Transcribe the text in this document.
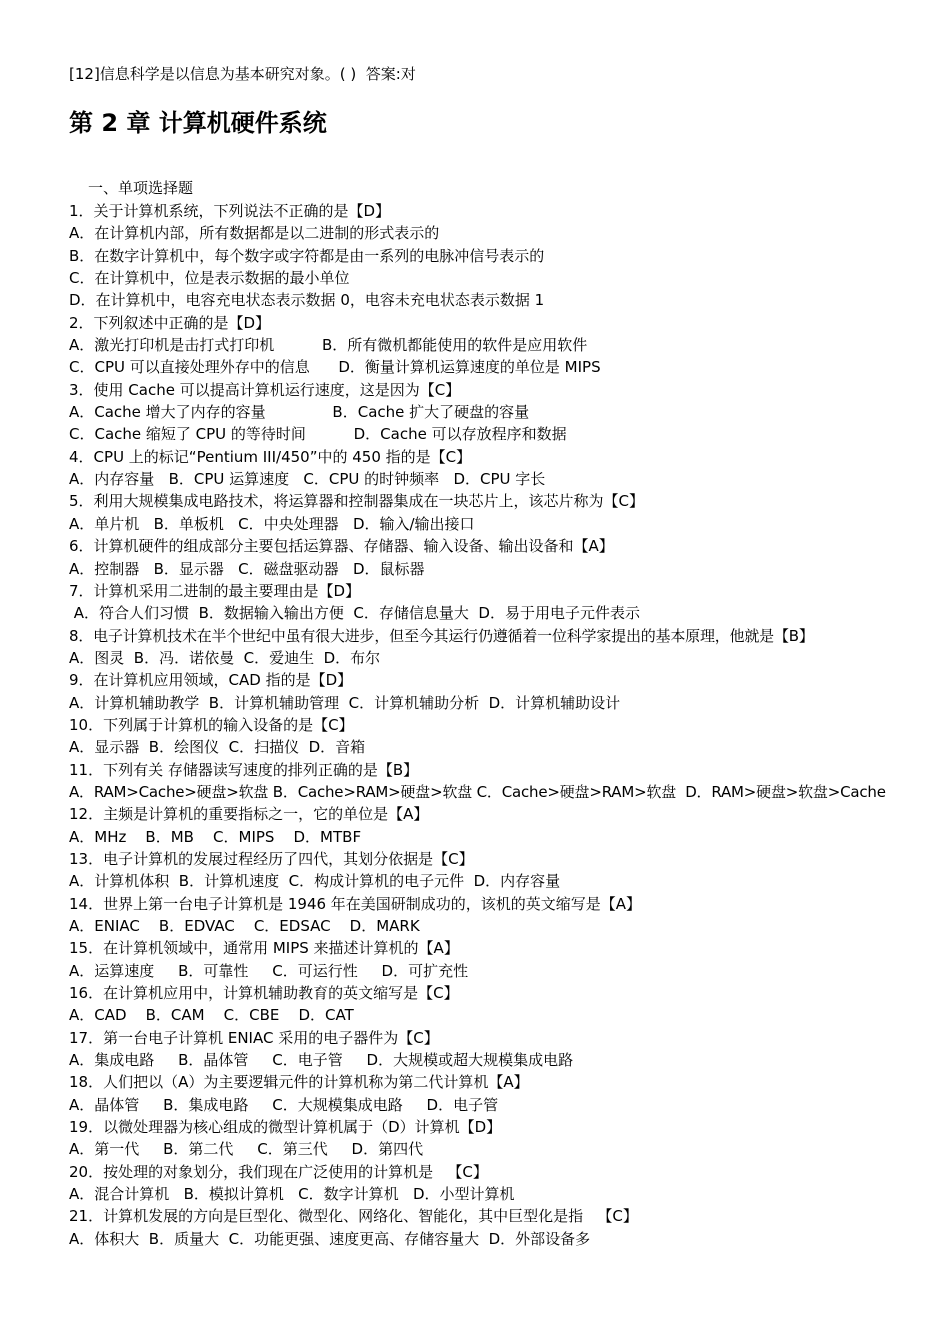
[12]信息科学是以信息为基本研究对象。( )  答案:对
第 2 章 计算机硬件系统
一、单项选择题
1．关于计算机系统，下列说法不正确的是【D】
A．在计算机内部，所有数据都是以二进制的形式表示的
B．在数字计算机中，每个数字或字符都是由一系列的电脉冲信号表示的
C．在计算机中，位是表示数据的最小单位
D．在计算机中，电容充电状态表示数据 0，电容未充电状态表示数据 1
2．下列叙述中正确的是【D】
A．激光打印机是击打式打印机          B．所有微机都能使用的软件是应用软件
C．CPU 可以直接处理外存中的信息      D．衡量计算机运算速度的单位是 MIPS
3．使用 Cache 可以提高计算机运行速度，这是因为【C】
A．Cache 增大了内存的容量              B．Cache 扩大了硬盘的容量
C．Cache 缩短了 CPU 的等待时间          D．Cache 可以存放程序和数据
4．CPU 上的标记“Pentium III/450”中的 450 指的是【C】
A．内存容量   B．CPU 运算速度   C．CPU 的时钟频率   D．CPU 字长
5．利用大规模集成电路技术，将运算器和控制器集成在一块芯片上，该芯片称为【C】
A．单片机   B．单板机   C．中央处理器   D．输入/输出接口
6．计算机硬件的组成部分主要包括运算器、存储器、输入设备、输出设备和【A】
A．控制器   B．显示器   C．磁盘驱动器   D．鼠标器
7．计算机采用二进制的最主要理由是【D】
A．符合人们习惯  B．数据输入输出方便  C．存储信息量大  D．易于用电子元件表示
8．电子计算机技术在半个世纪中虽有很大进步，但至今其运行仍遵循着一位科学家提出的基本原理，他就是【B】
A．图灵  B．冯．诺依曼  C．爱迪生  D．布尔
9．在计算机应用领域，CAD 指的是【D】
A．计算机辅助教学  B．计算机辅助管理  C．计算机辅助分析  D．计算机辅助设计
10．下列属于计算机的输入设备的是【C】
A．显示器  B．绘图仪  C．扫描仪  D．音箱
11．下列有关 存储器读写速度的排列正确的是【B】
A．RAM>Cache>硬盘>软盘 B．Cache>RAM>硬盘>软盘 C．Cache>硬盘>RAM>软盘  D．RAM>硬盘>软盘>Cache
12．主频是计算机的重要指标之一，它的单位是【A】
A．MHz    B．MB    C．MIPS    D．MTBF
13．电子计算机的发展过程经历了四代，其划分依据是【C】
A．计算机体积  B．计算机速度  C．构成计算机的电子元件  D．内存容量
14．世界上第一台电子计算机是 1946 年在美国研制成功的，该机的英文缩写是【A】
A．ENIAC    B．EDVAC    C．EDSAC    D．MARK
15．在计算机领域中，通常用 MIPS 来描述计算机的【A】
A．运算速度     B．可靠性     C．可运行性     D．可扩充性
16．在计算机应用中，计算机辅助教育的英文缩写是【C】
A．CAD    B．CAM    C．CBE    D．CAT
17．第一台电子计算机 ENIAC 采用的电子器件为【C】
A．集成电路     B．晶体管     C．电子管     D．大规模或超大规模集成电路
18．人们把以（A）为主要逻辑元件的计算机称为第二代计算机【A】
A．晶体管     B．集成电路     C．大规模集成电路     D．电子管
19．以微处理器为核心组成的微型计算机属于（D）计算机【D】
A．第一代     B．第二代     C．第三代     D．第四代
20．按处理的对象划分，我们现在广泛使用的计算机是   【C】
A．混合计算机   B．模拟计算机   C．数字计算机   D．小型计算机
21．计算机发展的方向是巨型化、微型化、网络化、智能化，其中巨型化是指   【C】
A．体积大  B．质量大  C．功能更强、速度更高、存储容量大  D．外部设备多
